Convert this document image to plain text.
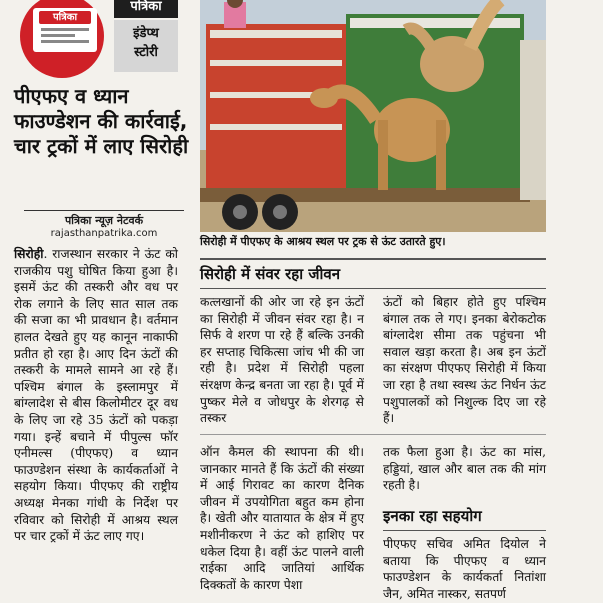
पत्रिका
पत्रिका
इंडेप्थ
स्टोरी
पीएफए व ध्यान फाउण्डेशन की कार्रवाई, चार ट्रकों में लाए सिरोही
पत्रिका न्यूज़ नेटवर्क
rajasthanpatrika.com
सिरोही. राजस्थान सरकार ने ऊंट को राजकीय पशु घोषित किया हुआ है। इसमें ऊंट की तस्करी और वध पर रोक लगाने के लिए सात साल तक की सजा का भी प्रावधान है। वर्तमान हालत देखते हुए यह कानून नाकाफी प्रतीत हो रहा है। आए दिन ऊंटों की तस्करी के मामले सामने आ रहे हैं। पश्चिम बंगाल के इस्लामपुर में बांग्लादेश से बीस किलोमीटर दूर वध के लिए जा रहे 35 ऊंटों को पकड़ा गया। इन्हें बचाने में पीपुल्स फॉर एनीमल्स (पीएफए) व ध्यान फाउण्डेशन संस्था के कार्यकर्ताओं ने सहयोग किया। पीएफए की राष्ट्रीय अध्यक्ष मेनका गांधी के निर्देश पर रविवार को सिरोही में आश्रय स्थल पर चार ट्रकों में ऊंट लाए गए।
सिरोही में पीएफए के आश्रय स्थल पर ट्रक से ऊंट उतारते हुए।
सिरोही में संवर रहा जीवन
कत्लखानों की ओर जा रहे इन ऊंटों का सिरोही में जीवन संवर रहा है। न सिर्फ वे शरण पा रहे हैं बल्कि उनकी हर सप्ताह चिकित्सा जांच भी की जा रही है। प्रदेश में सिरोही पहला संरक्षण केन्द्र बनता जा रहा है। पूर्व में पुष्कर मेले व जोधपुर के शेरगढ़ से तस्कर
ऊंटों को बिहार होते हुए पश्चिम बंगाल तक ले गए। इनका बेरोकटोक बांग्लादेश सीमा तक पहुंचना भी सवाल खड़ा करता है। अब इन ऊंटों का संरक्षण पीएफए सिरोही में किया जा रहा है तथा स्वस्थ ऊंट निर्धन ऊंट पशुपालकों को निशुल्क दिए जा रहे हैं।
ऑन कैमल की स्थापना की थी। जानकार मानते हैं कि ऊंटों की संख्या में आई गिरावट का कारण दैनिक जीवन में उपयोगिता बहुत कम होना है। खेती और यातायात के क्षेत्र में हुए मशीनीकरण ने ऊंट को हाशिए पर धकेल दिया है। वहीं ऊंट पालने वाली राईका आदि जातियां आर्थिक दिक्कतों के कारण पेशा
तक फैला हुआ है। ऊंट का मांस, हड्डियां, खाल और बाल तक की मांग रहती है।
इनका रहा सहयोग
पीएफए सचिव अमित दियोल ने बताया कि पीएफए व ध्यान फाउण्डेशन के कार्यकर्ता नितांशा जैन, अमित नास्कर, सतपर्ण
